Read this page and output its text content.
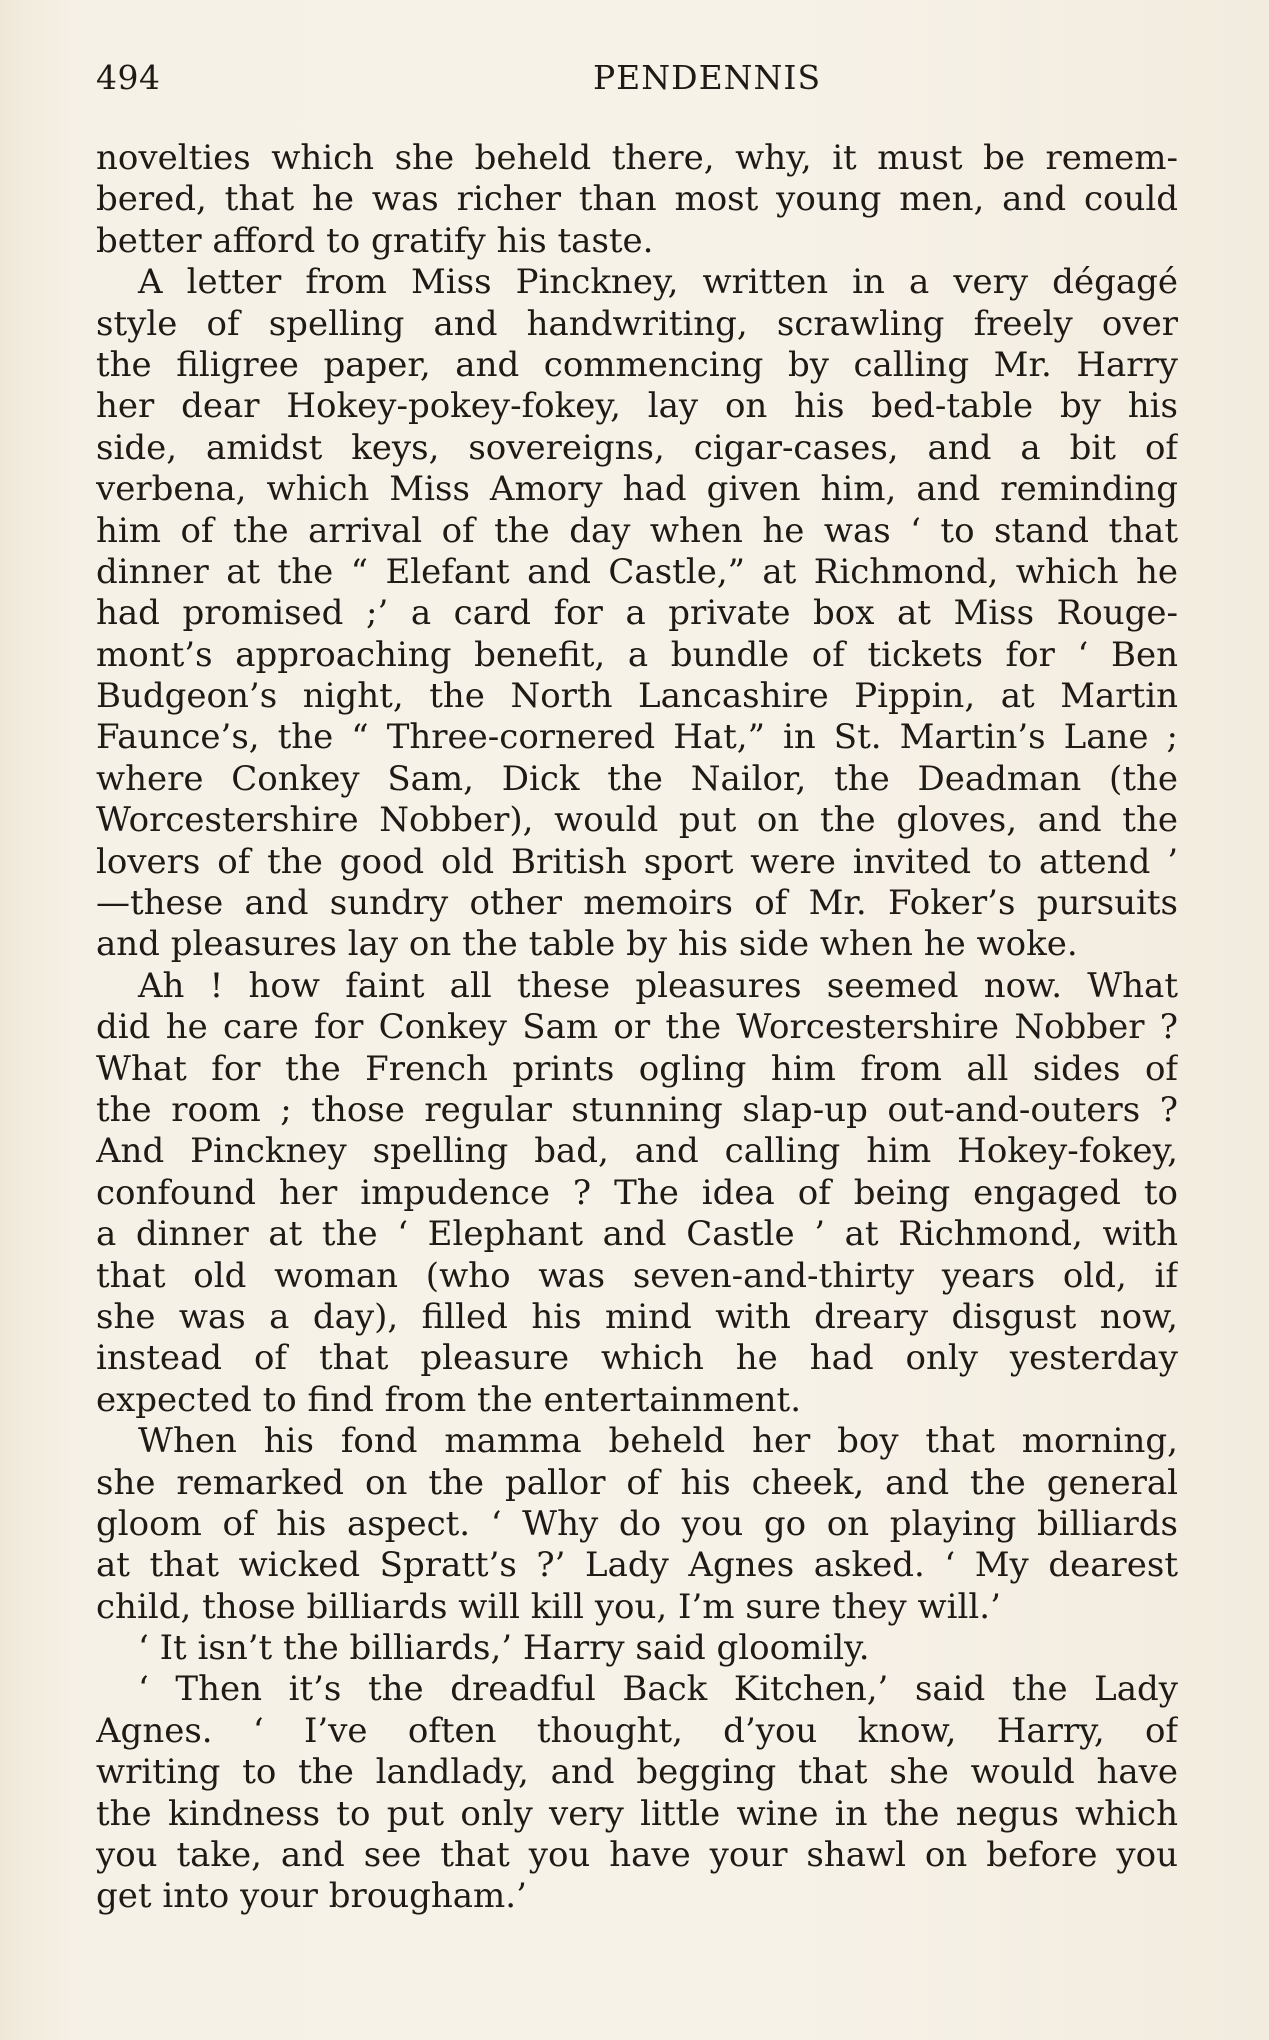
494	PENDENNIS
novelties which she beheld there, why, it must be remem-
bered, that he was richer than most young men, and could
better afford to gratify his taste.
A letter from Miss Pinckney, written in a very dégagé
style of spelling and handwriting, scrawling freely over
the filigree paper, and commencing by calling Mr. Harry
her dear Hokey-pokey-fokey, lay on his bed-table by his
side, amidst keys, sovereigns, cigar-cases, and a bit of
verbena, which Miss Amory had given him, and reminding
him of the arrival of the day when he was ‘ to stand that
dinner at the “ Elefant and Castle,” at Richmond, which he
had promised ;’ a card for a private box at Miss Rouge-
mont’s approaching benefit, a bundle of tickets for ‘ Ben
Budgeon’s night, the North Lancashire Pippin, at Martin
Faunce’s, the “ Three-cornered Hat,” in St. Martin’s Lane ;
where Conkey Sam, Dick the Nailor, the Deadman (the
Worcestershire Nobber), would put on the gloves, and the
lovers of the good old British sport were invited to attend ’
—these and sundry other memoirs of Mr. Foker’s pursuits
and pleasures lay on the table by his side when he woke.
Ah ! how faint all these pleasures seemed now. What
did he care for Conkey Sam or the Worcestershire Nobber ?
What for the French prints ogling him from all sides of
the room ; those regular stunning slap-up out-and-outers ?
And Pinckney spelling bad, and calling him Hokey-fokey,
confound her impudence ? The idea of being engaged to
a dinner at the ‘ Elephant and Castle ’ at Richmond, with
that old woman (who was seven-and-thirty years old, if
she was a day), filled his mind with dreary disgust now,
instead of that pleasure which he had only yesterday
expected to find from the entertainment.
When his fond mamma beheld her boy that morning,
she remarked on the pallor of his cheek, and the general
gloom of his aspect. ‘ Why do you go on playing billiards
at that wicked Spratt’s ?’ Lady Agnes asked. ‘ My dearest
child, those billiards will kill you, I’m sure they will.’
‘ It isn’t the billiards,’ Harry said gloomily.
‘ Then it’s the dreadful Back Kitchen,’ said the Lady
Agnes. ‘ I’ve often thought, d’you know, Harry, of
writing to the landlady, and begging that she would have
the kindness to put only very little wine in the negus which
you take, and see that you have your shawl on before you
get into your brougham.’
